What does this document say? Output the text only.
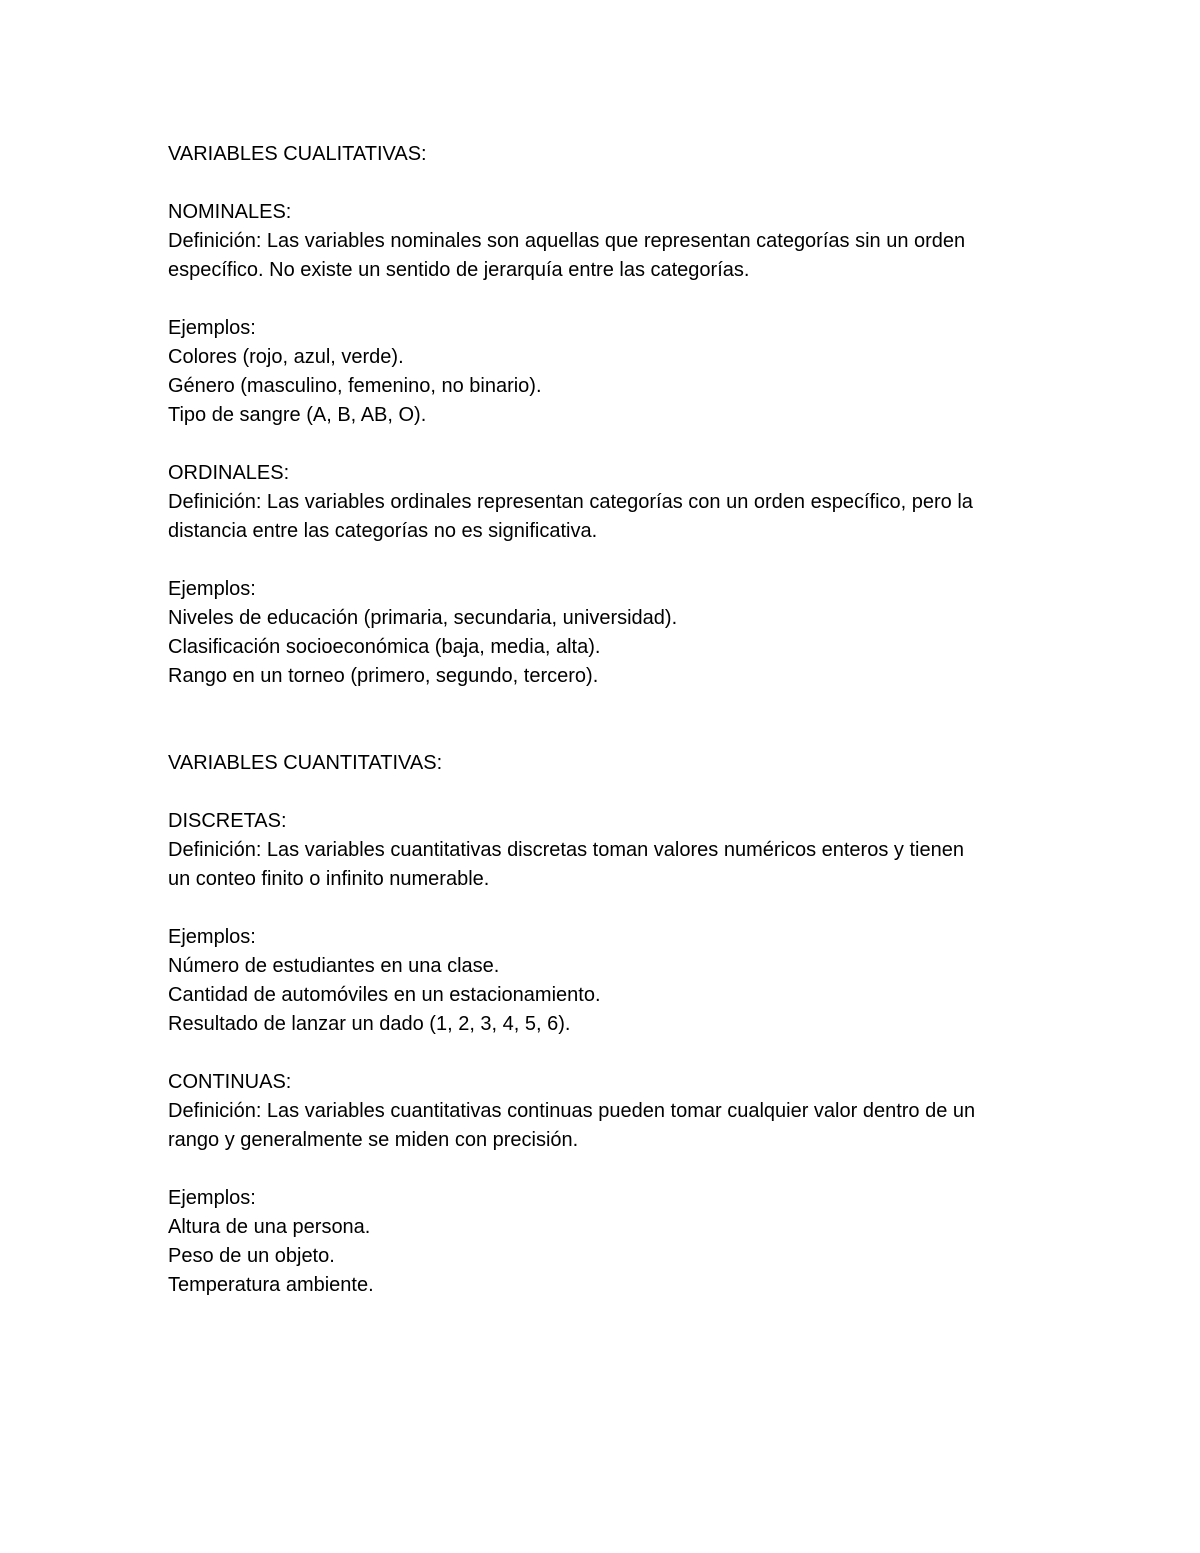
VARIABLES CUALITATIVAS:

NOMINALES:

Definición: Las variables nominales son aquellas que representan categorías sin un orden

específico. No existe un sentido de jerarquía entre las categorías.

Ejemplos:

Colores (rojo, azul, verde).

Género (masculino, femenino, no binario).

Tipo de sangre (A, B, AB, O).

ORDINALES:

Definición: Las variables ordinales representan categorías con un orden específico, pero la

distancia entre las categorías no es significativa.

Ejemplos:

Niveles de educación (primaria, secundaria, universidad).

Clasificación socioeconómica (baja, media, alta).

Rango en un torneo (primero, segundo, tercero).

VARIABLES CUANTITATIVAS:

DISCRETAS:

Definición: Las variables cuantitativas discretas toman valores numéricos enteros y tienen

un conteo finito o infinito numerable.

Ejemplos:

Número de estudiantes en una clase.

Cantidad de automóviles en un estacionamiento.

Resultado de lanzar un dado (1, 2, 3, 4, 5, 6).

CONTINUAS:

Definición: Las variables cuantitativas continuas pueden tomar cualquier valor dentro de un

rango y generalmente se miden con precisión.

Ejemplos:

Altura de una persona.

Peso de un objeto.

Temperatura ambiente.
